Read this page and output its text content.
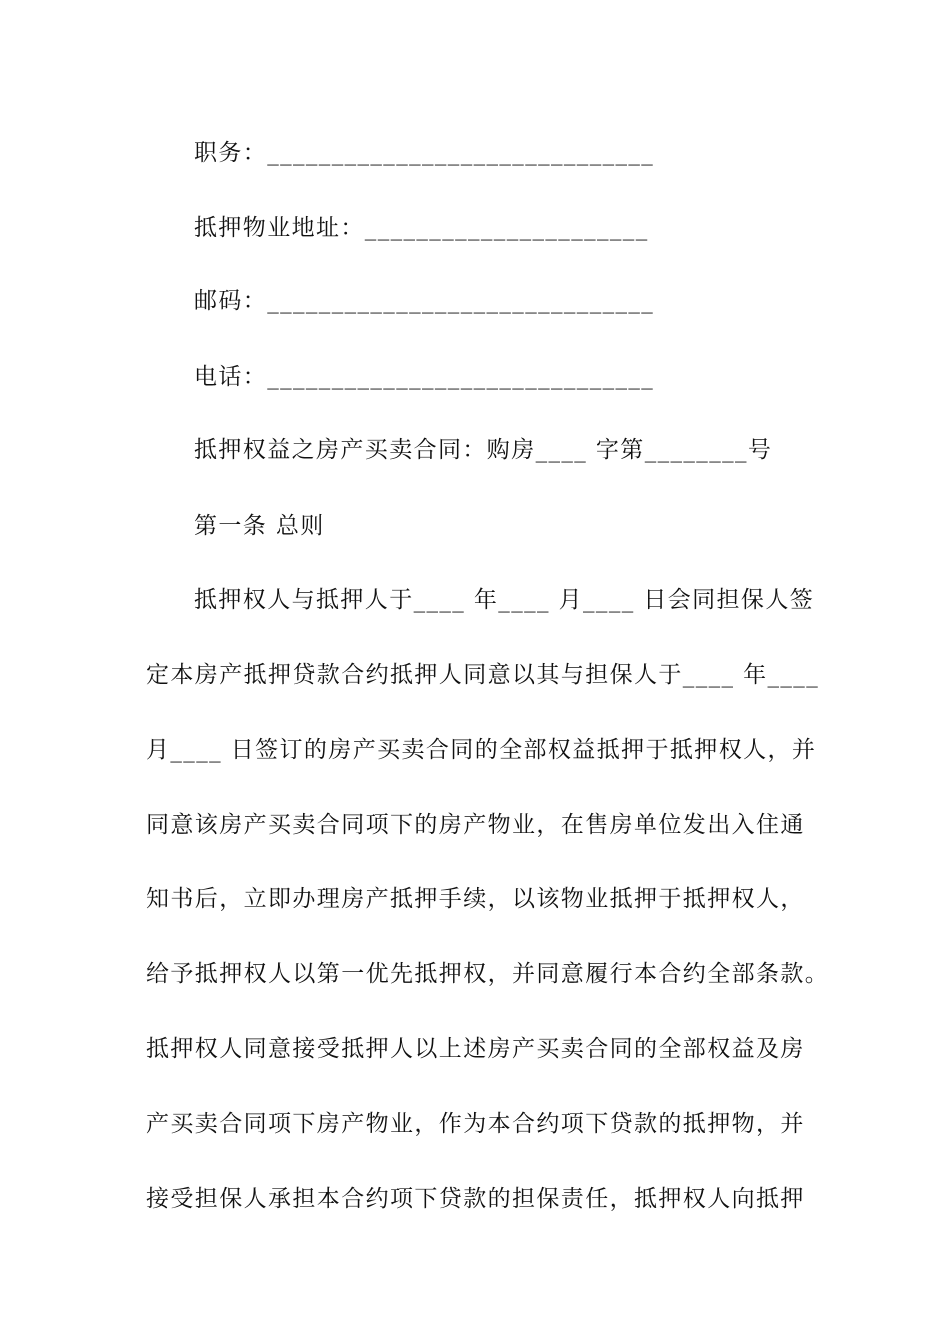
职务：______________________________
抵押物业地址：______________________
邮码：______________________________
电话：______________________________
抵押权益之房产买卖合同：购房____ 字第________号
第一条 总则
抵押权人与抵押人于____ 年____ 月____ 日会同担保人签
定本房产抵押贷款合约抵押人同意以其与担保人于____ 年____
月____ 日签订的房产买卖合同的全部权益抵押于抵押权人，并
同意该房产买卖合同项下的房产物业，在售房单位发出入住通
知书后，立即办理房产抵押手续，以该物业抵押于抵押权人，
给予抵押权人以第一优先抵押权，并同意履行本合约全部条款。
抵押权人同意接受抵押人以上述房产买卖合同的全部权益及房
产买卖合同项下房产物业，作为本合约项下贷款的抵押物，并
接受担保人承担本合约项下贷款的担保责任，抵押权人向抵押
